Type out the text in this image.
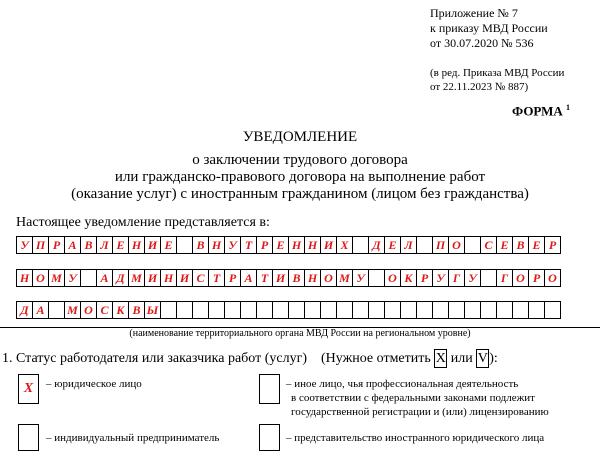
Приложение № 7
к приказу МВД России
от 30.07.2020 № 536
(в ред. Приказа МВД России
от 22.11.2023 № 887)
ФОРМА $^1$
УВЕДОМЛЕНИЕ
о заключении трудового договора
или гражданско-правового договора на выполнение работ
(оказание услуг) с иностранным гражданином (лицом без гражданства)
Настоящее уведомление представляется в:
У П Р А В Л Е Н И Е	В Н У Т Р Е Н Н И Х	Д Е Л	П О	С Е В Е Р
Н О М У	А Д М И Н И С Т Р А Т И В Н О М У	О К Р У Г У	Г О Р О
Д А	М О С К В Ы
(наименование территориального органа МВД России на региональном уровне)
1. Статус работодателя или заказчика работ (услуг) (Нужное отметить X или V):
X	– юридическое лицо	– иное лицо, чья профессиональная деятельность
в соответствии с федеральными законами подлежит
государственной регистрации и (или) лицензированию
– индивидуальный предприниматель	– представительство иностранного юридического лица
